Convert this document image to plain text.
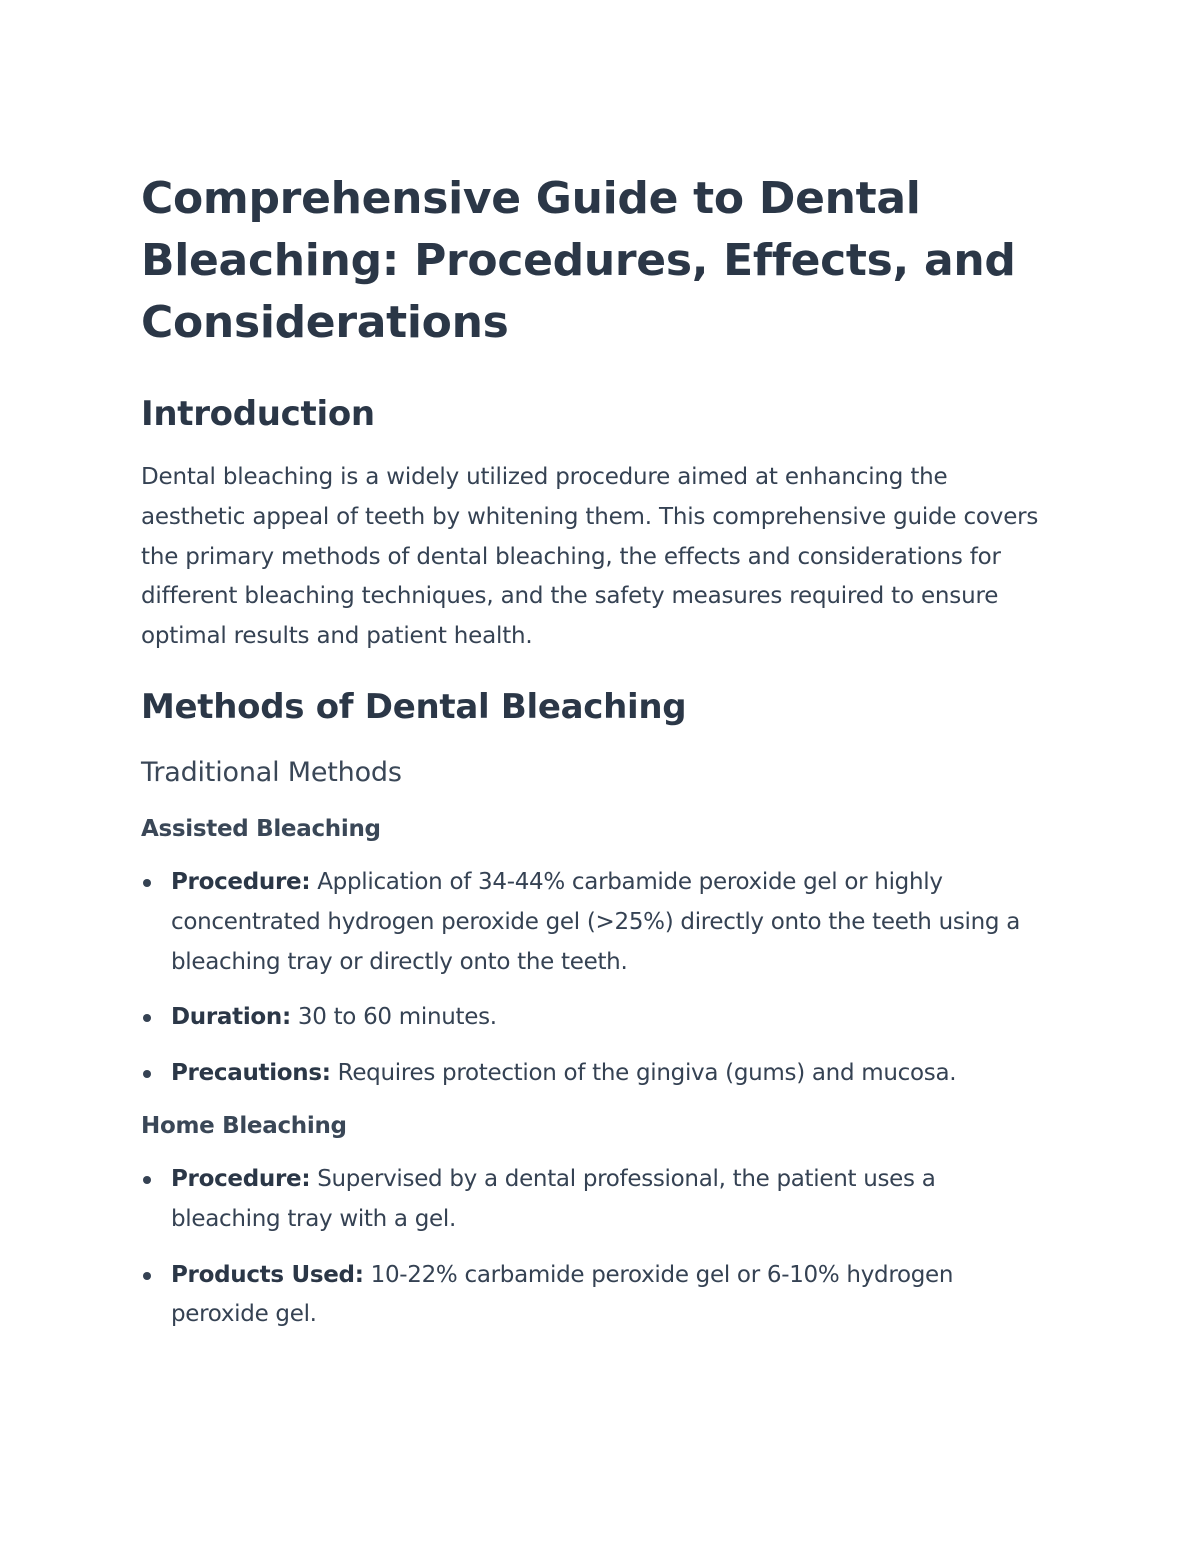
Comprehensive Guide to Dental Bleaching: Procedures, Effects, and Considerations
Introduction

Dental bleaching is a widely utilized procedure aimed at enhancing the aesthetic appeal of teeth by whitening them. This comprehensive guide covers the primary methods of dental bleaching, the effects and considerations for different bleaching techniques, and the safety measures required to ensure optimal results and patient health.

Methods of Dental Bleaching
Traditional Methods
Assisted Bleaching
Procedure: Application of 34-44% carbamide peroxide gel or highly concentrated hydrogen peroxide gel (>25%) directly onto the teeth using a bleaching tray or directly onto the teeth.
Duration: 30 to 60 minutes.
Precautions: Requires protection of the gingiva (gums) and mucosa.
Home Bleaching
Procedure: Supervised by a dental professional, the patient uses a bleaching tray with a gel.
Products Used: 10-22% carbamide peroxide gel or 6-10% hydrogen peroxide gel.
